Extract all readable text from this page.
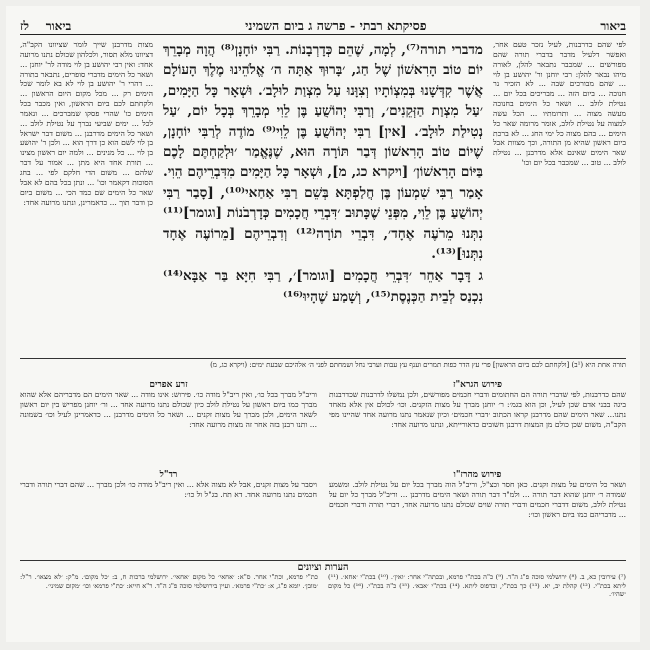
ביאור
פסיקתא רבתי - פרשה ג ביום השמיני
ביאור    לז
לפי שהם כדרבנות, לעיל נזכר טעם אחר, ואפשר דלעיל מדבר בדברי תורה שהם מפורשים ... שמכבר נתבאר להלן, לאורה מיהו נבאר להלן: רבי יוחנן ור' יהושע בן לוי ... שהם מבורכים שבה ... לא הזכיר נר חנוכה ... ביום הזה ... מבריכים בכל יום ... נטילת לולב ... ושאר כל הימים בחנוכה מעשה מצוה ... ותרומתיו ... הכל עשה למצוה על נטילת לולב, אומר מרומה שאר כל הימים ... בהם מצוה כל ימי החג ... לא ברכת ביום ראשון שהיא מן התורה, וכך מצוות אבל שאר הימים שאינם אלא מדרבנן ... נטילת לולב ... טוב ... שמכבר בכל יום וכו'
מדברי תורה⁽⁷⁾, לְמָה, שֶׁהֵם כְּדָרְבָנוֹת. רַבִּי יוֹחָנָן⁽⁸⁾ הֲוָה מְבָרֵךְ יוֹם טוֹב הָרִאשׁוֹן שֶׁל חַג, ׳בָּרוּךְ אַתָּה ה׳ אֱלֹהֵינוּ מֶלֶךְ הָעוֹלָם אֲשֶׁר קִדְּשָׁנוּ בְּמִצְוֹתָיו וְצִוָּנוּ עַל מִצְוַת לוּלָב׳. וּשְׁאָר כָּל הַיָּמִים, ׳עַל מִצְוַת הַזְּקֵנִים׳, וְרַבִּי יְהוֹשֻׁעַ בֶּן לֵוִי מְבָרֵךְ בְּכָל יוֹם, ׳עַל נְטִילַת לוּלָב׳. [אין] רַבִּי יְהוֹשֻׁעַ בֶּן לֵוִי⁽⁹⁾ מוֹדֶה לְרַבִּי יוֹחָנָן, שֶׁיוֹם טוֹב הָרִאשׁוֹן דְּבַר תּוֹרָה הוּא, שֶׁנֶּאֱמַר ׳וּלְקַחְתֶּם לָכֶם בַּיּוֹם הָרִאשׁוֹן׳ [ויקרא כג, מ], וּשְׁאָר כָּל הַיָּמִים מִדִּבְרֵיהֶם הֵוִי. אָמַר רַבִּי שִׁמְעוֹן בֶּן חֲלַפְתָּא בְּשֵׁם רַבִּי אַחַאי⁽¹⁰⁾, [סָבַר רַבִּי יְהוֹשֻׁעַ בֶּן לֵוִי, מִפְּנֵי שֶׁכָּתוּב ׳דִּבְרֵי חֲכָמִים כְּדָרְבֹנוֹת [וגומר]⁽¹¹⁾ נִתְּנוּ מֵרֹעֶה אֶחָד׳, דִּבְרֵי תוֹרָה⁽¹²⁾ וְדִבְרֵיהֶם [מֵרוֹעֶה אֶחָד נִתְּנוּ]⁽¹³⁾.
ג דָּבָר אַחֵר ׳דִּבְרֵי חֲכָמִים [וגומר]׳, רַבִּי חִיָּא בַּר אַבָּא⁽¹⁴⁾ נִכְנַס לְבֵית הַכְּנֶסֶת⁽¹⁵⁾, וְשָׁמַע שֶׁהָיוּ⁽¹⁶⁾
מצות מדרבנן שייך לומר שציוונו הקב"ה, דציוונו מלא תסור, ולכלהון שכולם נתנו מרועה אחד: ואין רבי יהושע בן לוי מודה לר' יוחנן ... ושאר כל הימים מדברי סופרים, נתבאר בתורה ... דהרי ר' יהושע בן לוי לא בא לומר שכל הימים רק ... מכל מקום היום הראשון ... ולקחתם לכם ביום הראשון, ואין מכבר בכל הימים כו' שהרי פסקו שמברכים ... ונאמר לכל ... ימים שביעי נברך על נטילת לולב ... ושאר כל הימים מדרבנן ... משום דבר ישראל בן לוי לשם הוא כן דרך הוא ... ולכן ר' יהושע בן לוי ... כל מנינים ... ולמה יום ראשון מצינו ... תורת אחד היא מתן ... אמור על דבר שלהם ... משום הדי חלקם לפי ... בחג הסוכות דקאמר וכו' ... ונתן בכל בהם לא אבל שאר כל הימים שם כמד הכי ... משום ביום כן ודבר תוך ... כדאמרינן, ונתנו מרועה אחד:
תורה אחת היא (¹ב) [ולקחתם לכם ביום הראשון] פרי עץ הדר כפות תמרים וענף עץ עבות וערבי נחל ושמחתם לפני ה׳ אלהיכם שבעת ימים: (ויקרא כג, מ)
פירוש הגרא"ז
שהם כדרבנות, לפי שדברי תורה הם החתומים ודברי חכמים מפורשים, ולכן נמשלו לדרבנות שכדרבנות ביגה בבני אדם שכן לעיל, וכן הוא בגמ׳: ר׳ יוחנן מברך על מצות הזקנים. וכו׳ לכולם אין אלא מאחד נתנו... שאר הימים שהם מדרבנן קראו הכתוב ׳דברי חכמים׳ וכיון שנאמר נתנו מרועה אחד שהיינו מפי הקב"ה, משום שכן כולם מן המצות דרבנן חשובים כדאורייתא, ונתנו מרועה אחד:
זרע אפרים
וריב"ל מברך בכל כו׳, ואין ריב"ל מודה כו׳. פירוש: אינו מודה ... שאר הימים הם מדבריהם אלא שהוא מברך כמו ביום ראשון על נטילת לולב כיון שכולם נתנו מרועה אחד ... ור׳ יוחנן מפריש בין יום ראשון לשאר הימים, ולכן מברך על מצות זקנים ... ושאר כל הימים מדרבנן ... כדאמרינן לעיל וכו׳ בשמונה ... ותנו רבנן בזה אחר זה מצות מרועה אחד:
פירוש מהרז"ו
ושאר כל הימים על מצות זקנים. כאן חסר וכצ"ל, וריב"ל הוה מברך בכל יום על נטילת לולב. ומשמע שמודה ר׳ יוחנן שהוא דבר תורה ... ולמ"ד דבר תורה ושאר הימים מדרבנן ... וריב"ל מברך כל יום על נטילת לולב, משום דדברי חכמים ודברי תורה שוים שכולם נתנו מרועה אחד, דברי תורה ודברי חכמים ... מדבריהם כמו ביום ראשון וכו׳:
רד"ל
ויסבר על מצות זקנים, אבל לא מצוה אלא ... ואין ריב"ל מודה כו׳ ולכן מברך ... שהם דברי תורה ודברי חכמים נתנו מרועה אחד. דא תח. בג"ל ול כו׳:
הערות וציונים
(⁷) עירובין כא, ב. (⁸) ירושלמי סוכה פ"ג ה"ד. (⁹) כ"ה בכת"י פרמא, ובכתה"י אחר: ׳ואין׳. (¹⁰) בכת"י ׳אחא׳. (¹¹) ליתא בכת"י. (¹²) קהלת יב, יא. (¹³) כך בכת"י, ובדפוס ליתא. (¹⁴) בכת"י ׳אבא׳. (¹⁵) כ"ה בכת"י. (¹⁶) כל מקום ׳שהיו׳.
כת"י פרמא, וכת"י אחר. ס"א: ׳אחאי׳ כל מקום ׳אחאי׳. ירושלמי ברכות ח, ב: ׳כל מקום׳. מ"ק: ׳לא מצאו׳. ר"ל: ׳מובן׳. יומא פ"ג, א: ׳כת"י פרמא׳. ועיין בירושלמי סוכה פ"ג ה"ד. ר"א חייא: ׳כת"י פרמא׳ וכו׳ ׳מקום שמיני׳.
